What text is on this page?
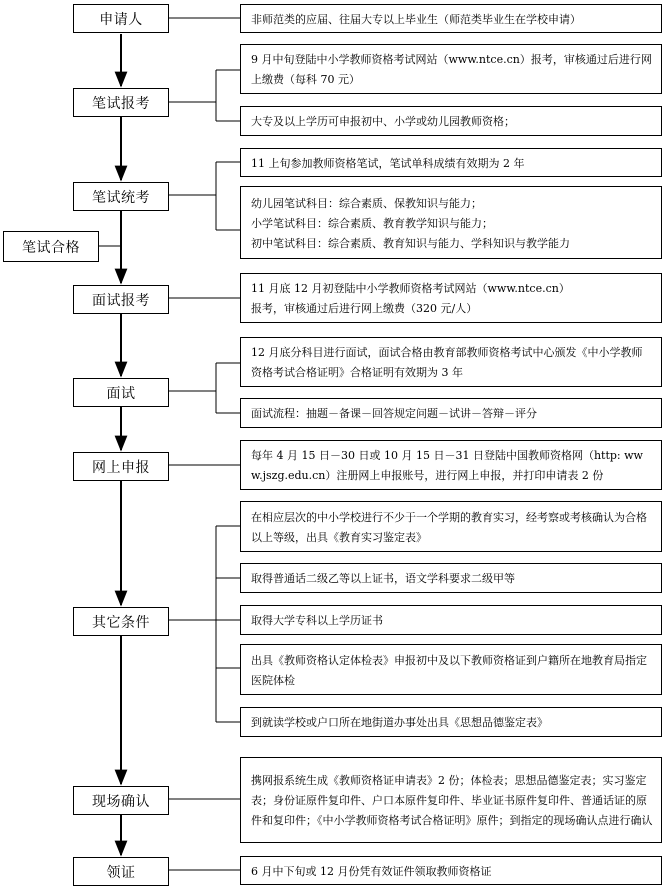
申请人
笔试报考
笔试统考
笔试合格
面试报考
面试
网上申报
其它条件
现场确认
领证
非师范类的应届、往届大专以上毕业生（师范类毕业生在学校申请）
9 月中旬登陆中小学教师资格考试网站（www.ntce.cn）报考，审核通过后进行网上缴费（每科 70 元）
大专及以上学历可申报初中、小学或幼儿园教师资格；
11 上旬参加教师资格笔试，笔试单科成绩有效期为 2 年
幼儿园笔试科目：综合素质、保教知识与能力；
小学笔试科目：综合素质、教育教学知识与能力；
初中笔试科目：综合素质、教育知识与能力、学科知识与教学能力
11 月底 12 月初登陆中小学教师资格考试网站（www.ntce.cn）
报考，审核通过后进行网上缴费（320 元/人）
12 月底分科目进行面试，面试合格由教育部教师资格考试中心颁发《中小学教师资格考试合格证明》合格证明有效期为 3 年
面试流程：抽题－备课－回答规定问题－试讲－答辩－评分
每年 4 月 15 日－30 日或 10 月 15 日－31 日登陆中国教师资格网（http: www.jszg.edu.cn）注册网上申报账号，进行网上申报，并打印申请表 2 份
在相应层次的中小学校进行不少于一个学期的教育实习，经考察或考核确认为合格以上等级，出具《教育实习鉴定表》
取得普通话二级乙等以上证书，语文学科要求二级甲等
取得大学专科以上学历证书
出具《教师资格认定体检表》申报初中及以下教师资格证到户籍所在地教育局指定医院体检
到就读学校或户口所在地街道办事处出具《思想品德鉴定表》
携网报系统生成《教师资格证申请表》2 份；体检表；思想品德鉴定表；实习鉴定表；身份证原件复印件、户口本原件复印件、毕业证书原件复印件、普通话证的原件和复印件；《中小学教师资格考试合格证明》原件；到指定的现场确认点进行确认
6 月中下旬或 12 月份凭有效证件领取教师资格证
